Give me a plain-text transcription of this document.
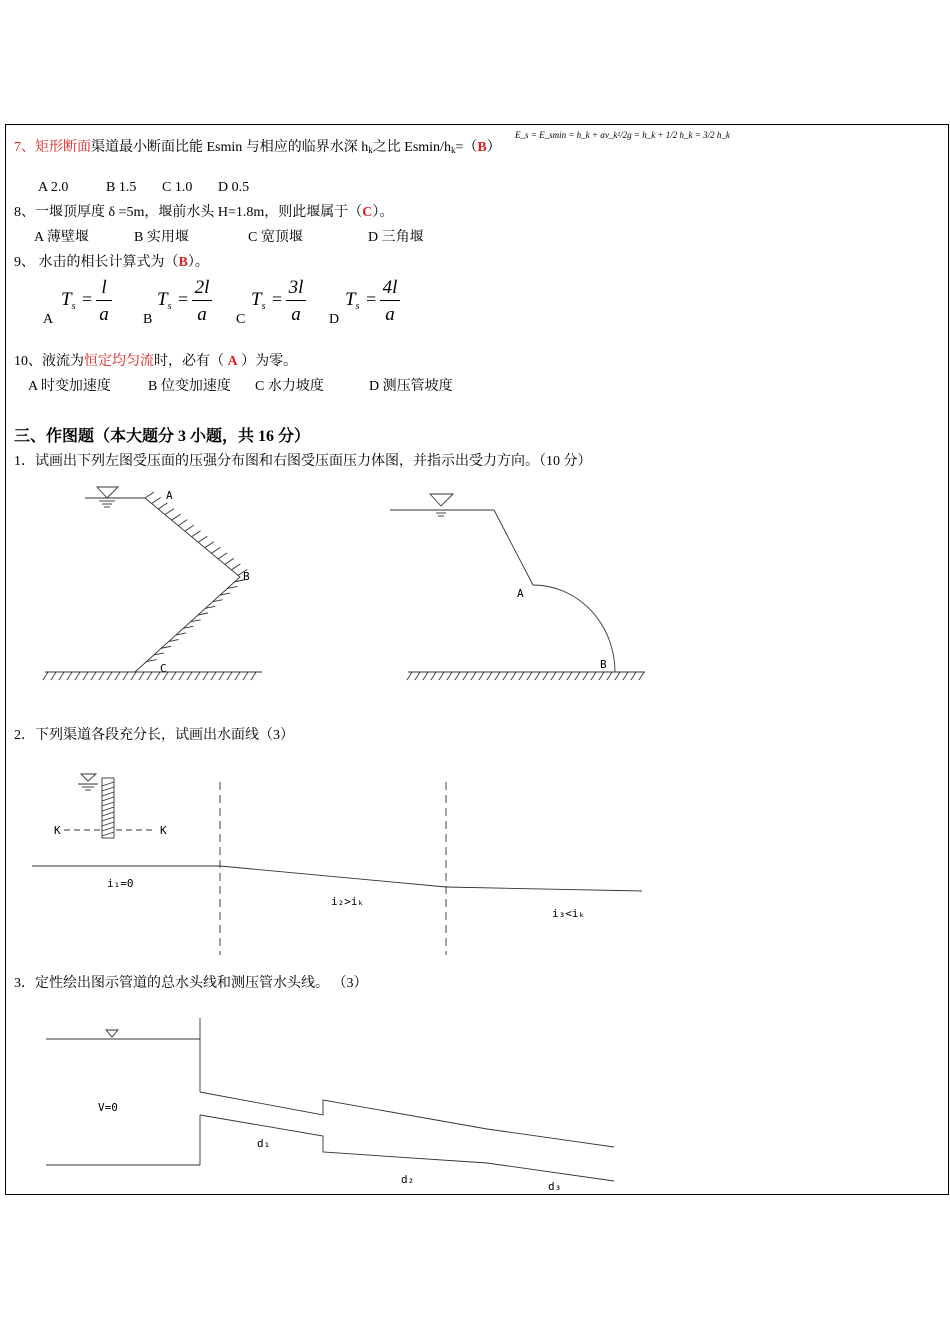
7、矩形断面渠道最小断面比能 Esmin 与相应的临界水深 $h_k$之比 Esmin/$h_k=(B)$
E_s = E_smin = h_k + αv_k²/2g = h_k + 1/2 h_k = 3/2 h_k
A 2.0	B 1.5 C 1.0 D 0.5
8、一堰顶厚度 δ =5m，堰前水头 H=1.8m，则此堰属于（C）。
A 薄壁堰	B 实用堰	C 宽顶堰	D 三角堰
9、 水击的相长计算式为（B）。
A
$T_s$ =
l
a B
$T_s$ =
2l
a	C
$T_s$ =
3l
a	D
$T_s$ =
4l
a
10、液流为恒定均匀流时，必有（ A ）为零。
A 时变加速度	B 位变加速度 C 水力坡度	D 测压管坡度
三、作图题（本大题分 3 小题，共 16 分）
1．试画出下列左图受压面的压强分布图和右图受压面压力体图，并指示出受力方向。（10 分）
2．下列渠道各段充分长，试画出水面线（3）
3．定性绘出图示管道的总水头线和测压管水头线。 （3）
A
B
C
A
B
K	K
i₁=0
i₂>iₖ
i₃<iₖ
V=0
d₁
d₂
d₃
